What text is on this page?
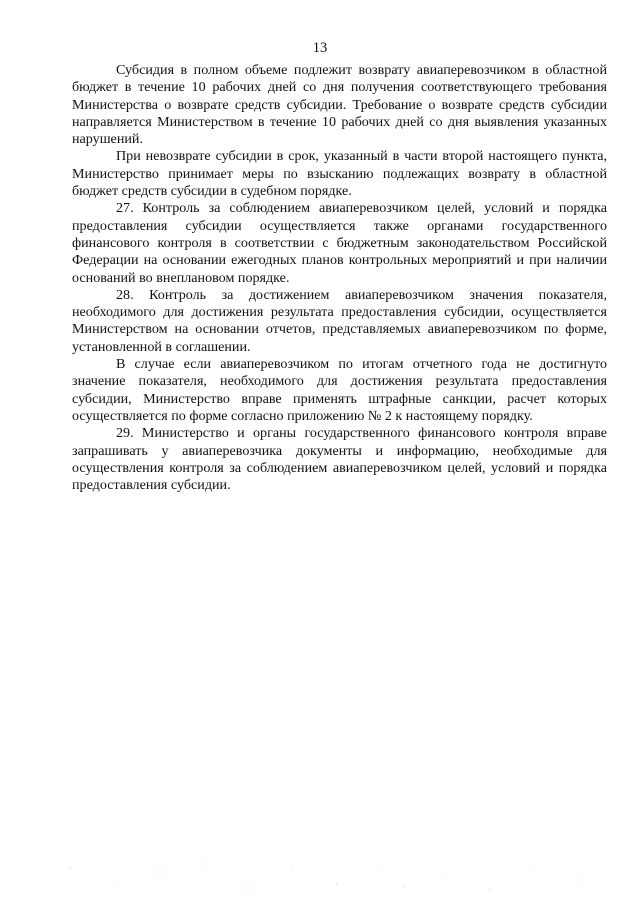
13

Субсидия в полном объеме подлежит возврату авиаперевозчиком в областной бюджет в течение 10 рабочих дней со дня получения соответствующего требования Министерства о возврате средств субсидии. Требование о возврате средств субсидии направляется Министерством в течение 10 рабочих дней со дня выявления указанных нарушений.

При невозврате субсидии в срок, указанный в части второй настоящего пункта, Министерство принимает меры по взысканию подлежащих возврату в областной бюджет средств субсидии в судебном порядке.

27. Контроль за соблюдением авиаперевозчиком целей, условий и порядка предоставления субсидии осуществляется также органами государственного финансового контроля в соответствии с бюджетным законодательством Российской Федерации на основании ежегодных планов контрольных мероприятий и при наличии оснований во внеплановом порядке.

28. Контроль за достижением авиаперевозчиком значения показателя, необходимого для достижения результата предоставления субсидии, осуществляется Министерством на основании отчетов, представляемых авиаперевозчиком по форме, установленной в соглашении.

В случае если авиаперевозчиком по итогам отчетного года не достигнуто значение показателя, необходимого для достижения результата предоставления субсидии, Министерство вправе применять штрафные санкции, расчет которых осуществляется по форме согласно приложению № 2 к настоящему порядку.

29. Министерство и органы государственного финансового контроля вправе запрашивать у авиаперевозчика документы и информацию, необходимые для осуществления контроля за соблюдением авиаперевозчиком целей, условий и порядка предоставления субсидии.
